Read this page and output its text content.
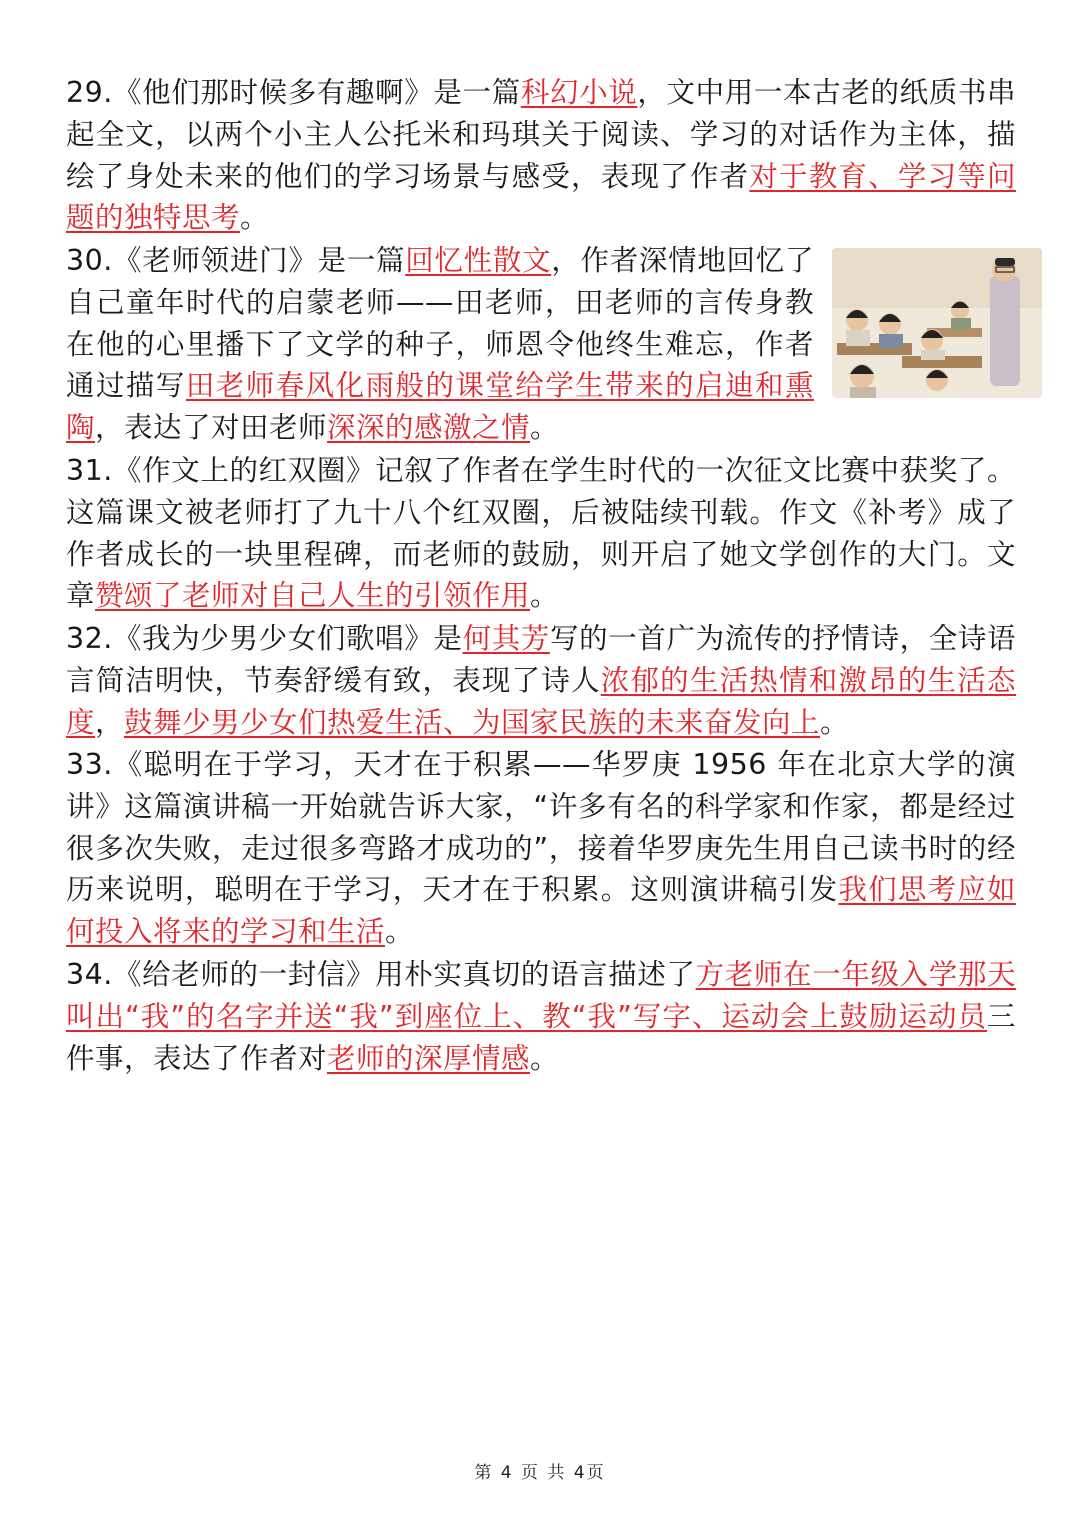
29.《他们那时候多有趣啊》是一篇科幻小说，文中用一本古老的纸质书串起全文，以两个小主人公托米和玛琪关于阅读、学习的对话作为主体，描绘了身处未来的他们的学习场景与感受，表现了作者对于教育、学习等问题的独特思考。

30.《老师领进门》是一篇回忆性散文，作者深情地回忆了自己童年时代的启蒙老师——田老师，田老师的言传身教在他的心里播下了文学的种子，师恩令他终生难忘，作者通过描写田老师春风化雨般的课堂给学生带来的启迪和熏陶，表达了对田老师深深的感激之情。

31.《作文上的红双圈》记叙了作者在学生时代的一次征文比赛中获奖了。这篇课文被老师打了九十八个红双圈，后被陆续刊载。作文《补考》成了作者成长的一块里程碑，而老师的鼓励，则开启了她文学创作的大门。文章赞颂了老师对自己人生的引领作用。

32.《我为少男少女们歌唱》是何其芳写的一首广为流传的抒情诗，全诗语言简洁明快，节奏舒缓有致，表现了诗人浓郁的生活热情和激昂的生活态度，鼓舞少男少女们热爱生活、为国家民族的未来奋发向上。

33.《聪明在于学习，天才在于积累——华罗庚 1956 年在北京大学的演讲》这篇演讲稿一开始就告诉大家，“许多有名的科学家和作家，都是经过很多次失败，走过很多弯路才成功的”，接着华罗庚先生用自己读书时的经历来说明，聪明在于学习，天才在于积累。这则演讲稿引发我们思考应如何投入将来的学习和生活。

34.《给老师的一封信》用朴实真切的语言描述了方老师在一年级入学那天叫出“我”的名字并送“我”到座位上、教“我”写字、运动会上鼓励运动员三件事，表达了作者对老师的深厚情感。

第 4 页 共 4页
